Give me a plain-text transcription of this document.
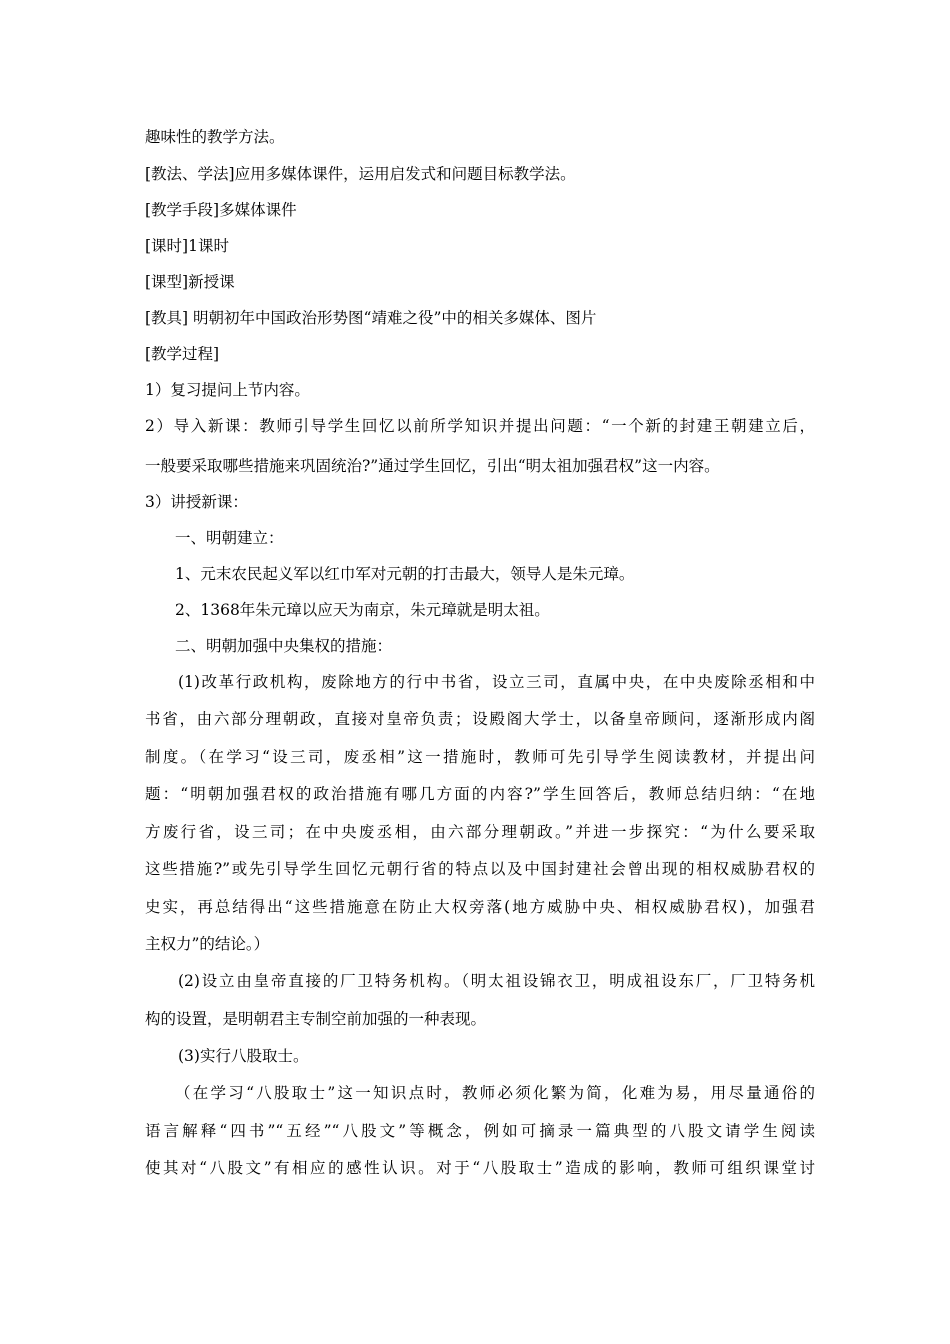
趣味性的教学方法。
[教法、学法]应用多媒体课件，运用启发式和问题目标教学法。
[教学手段]多媒体课件
[课时]1课时
[课型]新授课
[教具] 明朝初年中国政治形势图“靖难之役”中的相关多媒体、图片
[教学过程]
1）复习提问上节内容。
2）导入新课：教师引导学生回忆以前所学知识并提出问题：“一个新的封建王朝建立后，
一般要采取哪些措施来巩固统治?”通过学生回忆，引出“明太祖加强君权”这一内容。
3）讲授新课：
一、明朝建立：
1、元末农民起义军以红巾军对元朝的打击最大，领导人是朱元璋。
2、1368年朱元璋以应天为南京，朱元璋就是明太祖。
二、明朝加强中央集权的措施：
(1)改革行政机构，废除地方的行中书省，设立三司，直属中央，在中央废除丞相和中
书省，由六部分理朝政，直接对皇帝负责；设殿阁大学士，以备皇帝顾问，逐渐形成内阁
制度。（在学习“设三司，废丞相”这一措施时，教师可先引导学生阅读教材，并提出问
题：“明朝加强君权的政治措施有哪几方面的内容?”学生回答后，教师总结归纳：“在地
方废行省，设三司；在中央废丞相，由六部分理朝政。”并进一步探究：“为什么要采取
这些措施?”或先引导学生回忆元朝行省的特点以及中国封建社会曾出现的相权威胁君权的
史实，再总结得出“这些措施意在防止大权旁落(地方威胁中央、相权威胁君权)，加强君
主权力”的结论。）
(2)设立由皇帝直接的厂卫特务机构。（明太祖设锦衣卫，明成祖设东厂，厂卫特务机
构的设置，是明朝君主专制空前加强的一种表现。
(3)实行八股取士。
（在学习“八股取士”这一知识点时，教师必须化繁为简，化难为易，用尽量通俗的
语言解释“四书”“五经”“八股文”等概念，例如可摘录一篇典型的八股文请学生阅读
使其对“八股文”有相应的感性认识。对于“八股取士”造成的影响，教师可组织课堂讨
